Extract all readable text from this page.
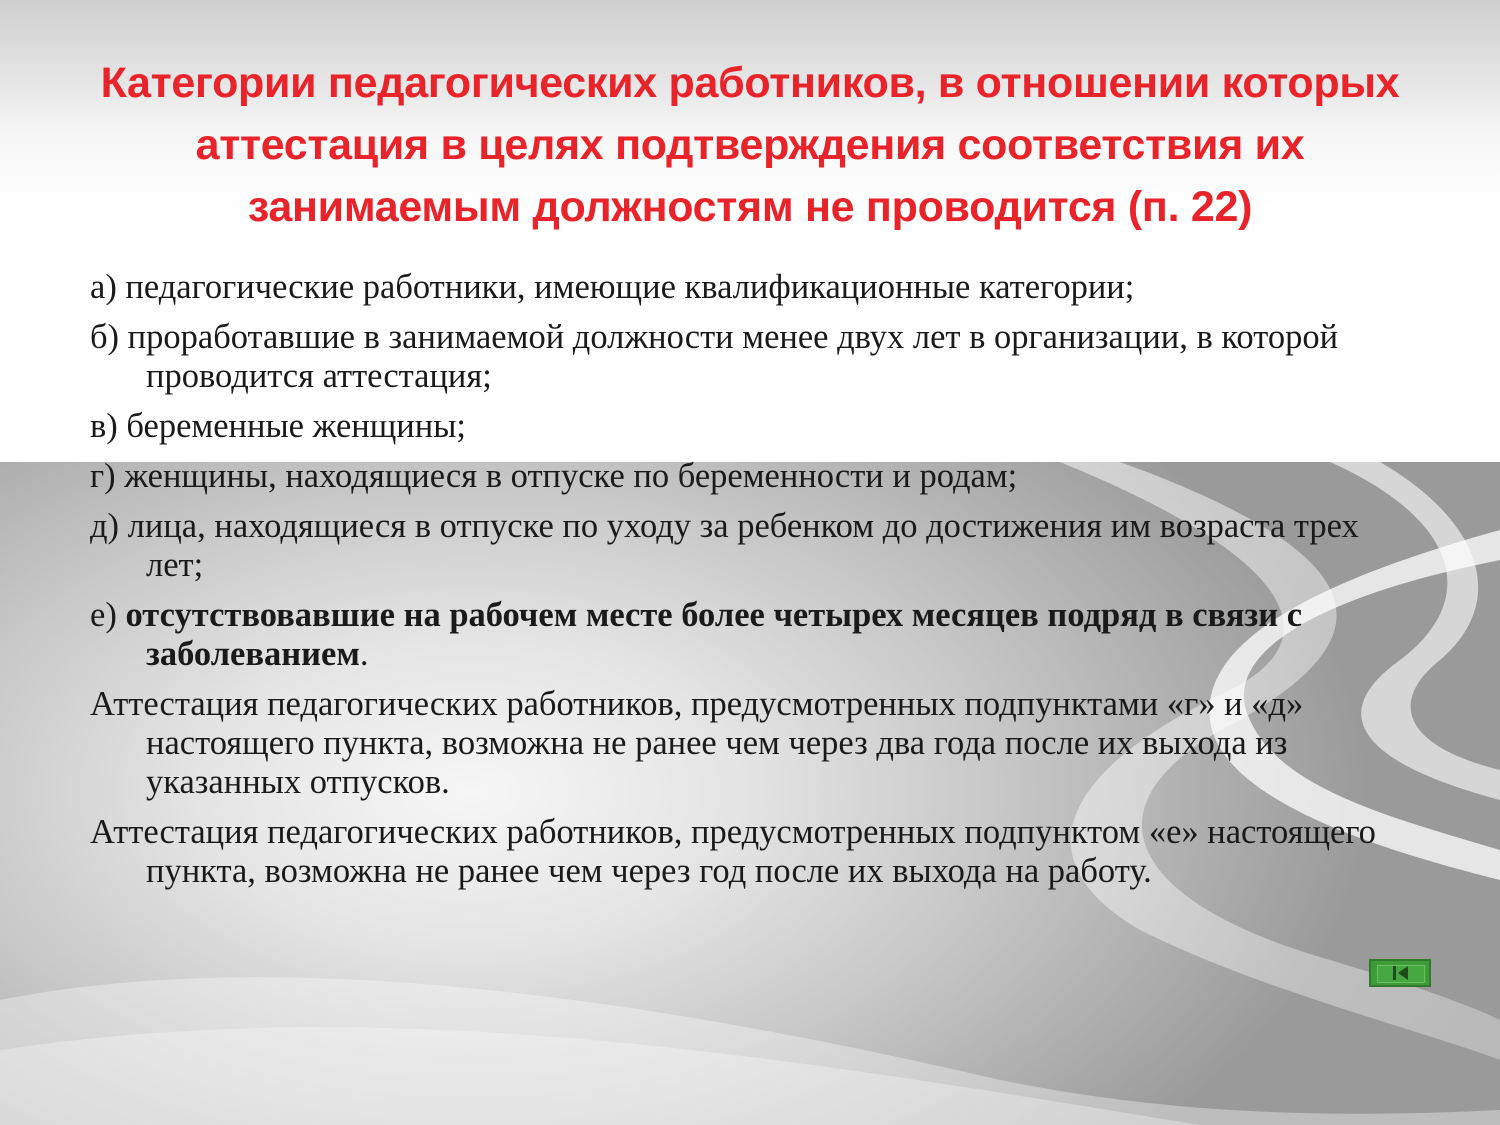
Категории педагогических работников, в отношении которых
аттестация в целях подтверждения соответствия их
занимаемым должностям не проводится (п. 22)

а) педагогические работники, имеющие квалификационные категории;

б) проработавшие в занимаемой должности менее двух лет в организации, в которой проводится аттестация;

в) беременные женщины;

г) женщины, находящиеся в отпуске по беременности и родам;

д) лица, находящиеся в отпуске по уходу за ребенком до достижения им возраста трех лет;

е) отсутствовавшие на рабочем месте более четырех месяцев подряд в связи с заболеванием.

Аттестация педагогических работников, предусмотренных подпунктами «г» и «д» настоящего пункта, возможна не ранее чем через два года после их выхода из указанных отпусков.

Аттестация педагогических работников, предусмотренных подпунктом «е» настоящего пункта, возможна не ранее чем через год после их выхода на работу.
